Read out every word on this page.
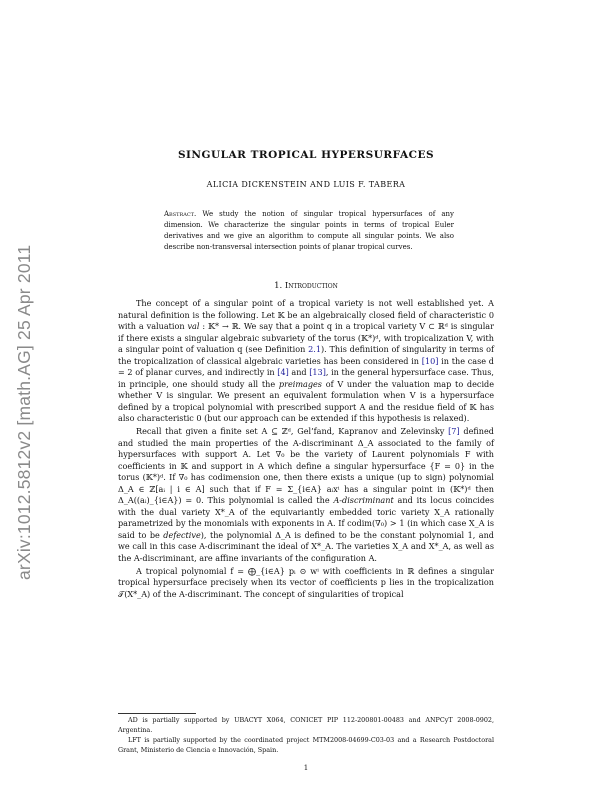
arXiv:1012.5812v2 [math.AG] 25 Apr 2011
SINGULAR TROPICAL HYPERSURFACES
ALICIA DICKENSTEIN AND LUIS F. TABERA
Abstract. We study the notion of singular tropical hypersurfaces of any dimension. We characterize the singular points in terms of tropical Euler derivatives and we give an algorithm to compute all singular points. We also describe non-transversal intersection points of planar tropical curves.
1. Introduction

The concept of a singular point of a tropical variety is not well established yet. A natural definition is the following. Let 𝕂 be an algebraically closed field of characteristic 0 with a valuation val : 𝕂* → ℝ. We say that a point q in a tropical variety V ⊂ ℝᵈ is singular if there exists a singular algebraic subvariety of the torus (𝕂*)ᵈ, with tropicalization V, with a singular point of valuation q (see Definition 2.1). This definition of singularity in terms of the tropicalization of classical algebraic varieties has been considered in [10] in the case d = 2 of planar curves, and indirectly in [4] and [13], in the general hypersurface case. Thus, in principle, one should study all the preimages of V under the valuation map to decide whether V is singular. We present an equivalent formulation when V is a hypersurface defined by a tropical polynomial with prescribed support A and the residue field of 𝕂 has also characteristic 0 (but our approach can be extended if this hypothesis is relaxed).

Recall that given a finite set A ⊆ ℤᵈ, Gel’fand, Kapranov and Zelevinsky [7] defined and studied the main properties of the A-discriminant Δ_A associated to the family of hypersurfaces with support A. Let ∇₀ be the variety of Laurent polynomials F with coefficients in 𝕂 and support in A which define a singular hypersurface {F = 0} in the torus (𝕂*)ᵈ. If ∇₀ has codimension one, then there exists a unique (up to sign) polynomial Δ_A ∈ ℤ[aᵢ | i ∈ A] such that if F = Σ_{i∈A} aᵢxⁱ has a singular point in (𝕂*)ᵈ then Δ_A((aᵢ)_{i∈A}) = 0. This polynomial is called the A-discriminant and its locus coincides with the dual variety X*_A of the equivariantly embedded toric variety X_A rationally parametrized by the monomials with exponents in A. If codim(∇₀) > 1 (in which case X_A is said to be defective), the polynomial Δ_A is defined to be the constant polynomial 1, and we call in this case A-discriminant the ideal of X*_A. The varieties X_A and X*_A, as well as the A-discriminant, are affine invariants of the configuration A.

A tropical polynomial f = ⨁_{i∈A} pᵢ ⊙ wⁱ with coefficients in ℝ defines a singular tropical hypersurface precisely when its vector of coefficients p lies in the tropicalization 𝒯(X*_A) of the A-discriminant. The concept of singularities of tropical

AD is partially supported by UBACYT X064, CONICET PIP 112-200801-00483 and ANPCyT 2008-0902, Argentina.

LFT is partially supported by the coordinated project MTM2008-04699-C03-03 and a Research Postdoctoral Grant, Ministerio de Ciencia e Innovación, Spain.

1
